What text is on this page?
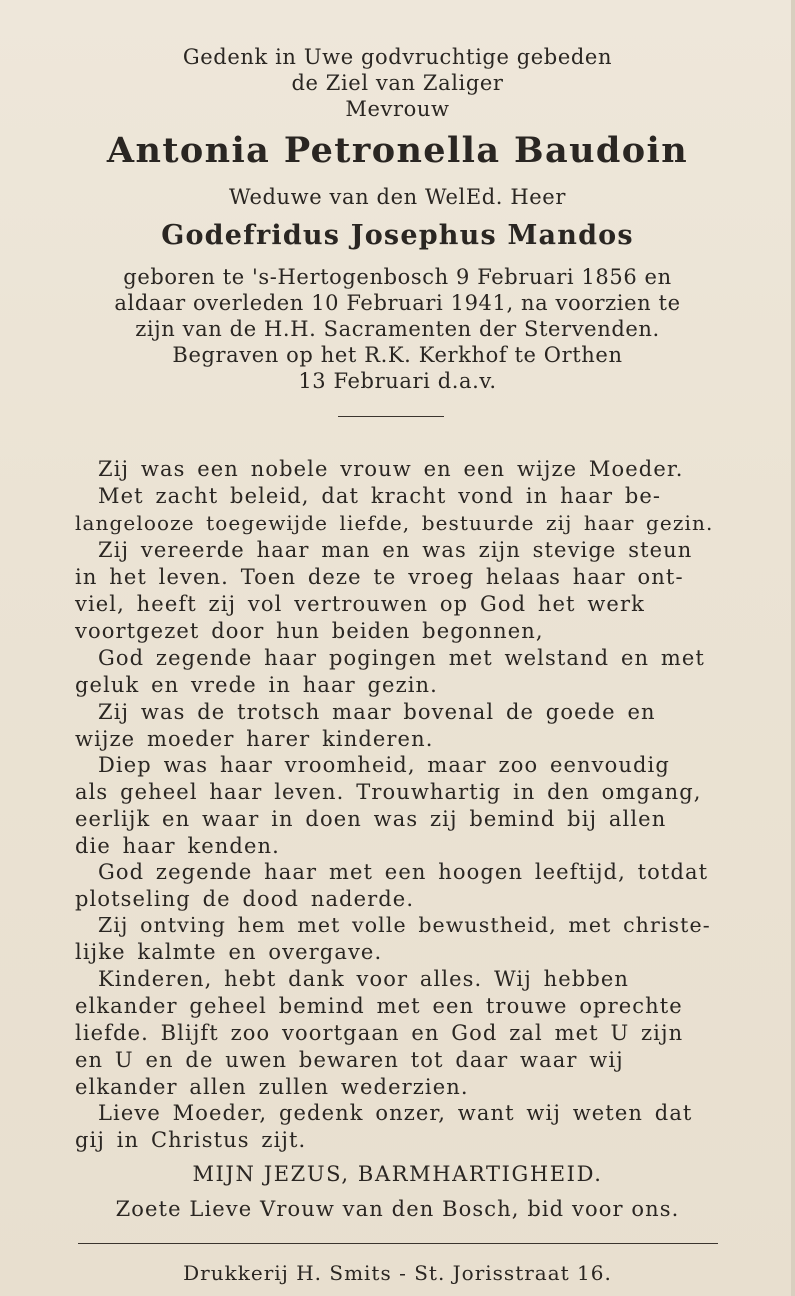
Gedenk in Uwe godvruchtige gebeden
de Ziel van Zaliger
Mevrouw
Antonia Petronella Baudoin
Weduwe van den WelEd. Heer
Godefridus Josephus Mandos
geboren te 's-Hertogenbosch 9 Februari 1856 en
aldaar overleden 10 Februari 1941, na voorzien te
zijn van de H.H. Sacramenten der Stervenden.
Begraven op het R.K. Kerkhof te Orthen
13 Februari d.a.v.
Zij was een nobele vrouw en een wijze Moeder.
Met zacht beleid, dat kracht vond in haar be-
langelooze toegewijde liefde, bestuurde zij haar gezin.
Zij vereerde haar man en was zijn stevige steun
in het leven. Toen deze te vroeg helaas haar ont-
viel, heeft zij vol vertrouwen op God het werk
voortgezet door hun beiden begonnen,
God zegende haar pogingen met welstand en met
geluk en vrede in haar gezin.
Zij was de trotsch maar bovenal de goede en
wijze moeder harer kinderen.
Diep was haar vroomheid, maar zoo eenvoudig
als geheel haar leven. Trouwhartig in den omgang,
eerlijk en waar in doen was zij bemind bij allen
die haar kenden.
God zegende haar met een hoogen leeftijd, totdat
plotseling de dood naderde.
Zij ontving hem met volle bewustheid, met christe-
lijke kalmte en overgave.
Kinderen, hebt dank voor alles. Wij hebben
elkander geheel bemind met een trouwe oprechte
liefde. Blijft zoo voortgaan en God zal met U zijn
en U en de uwen bewaren tot daar waar wij
elkander allen zullen wederzien.
Lieve Moeder, gedenk onzer, want wij weten dat
gij in Christus zijt.
MIJN JEZUS, BARMHARTIGHEID.
Zoete Lieve Vrouw van den Bosch, bid voor ons.
Drukkerij H. Smits - St. Jorisstraat 16.
